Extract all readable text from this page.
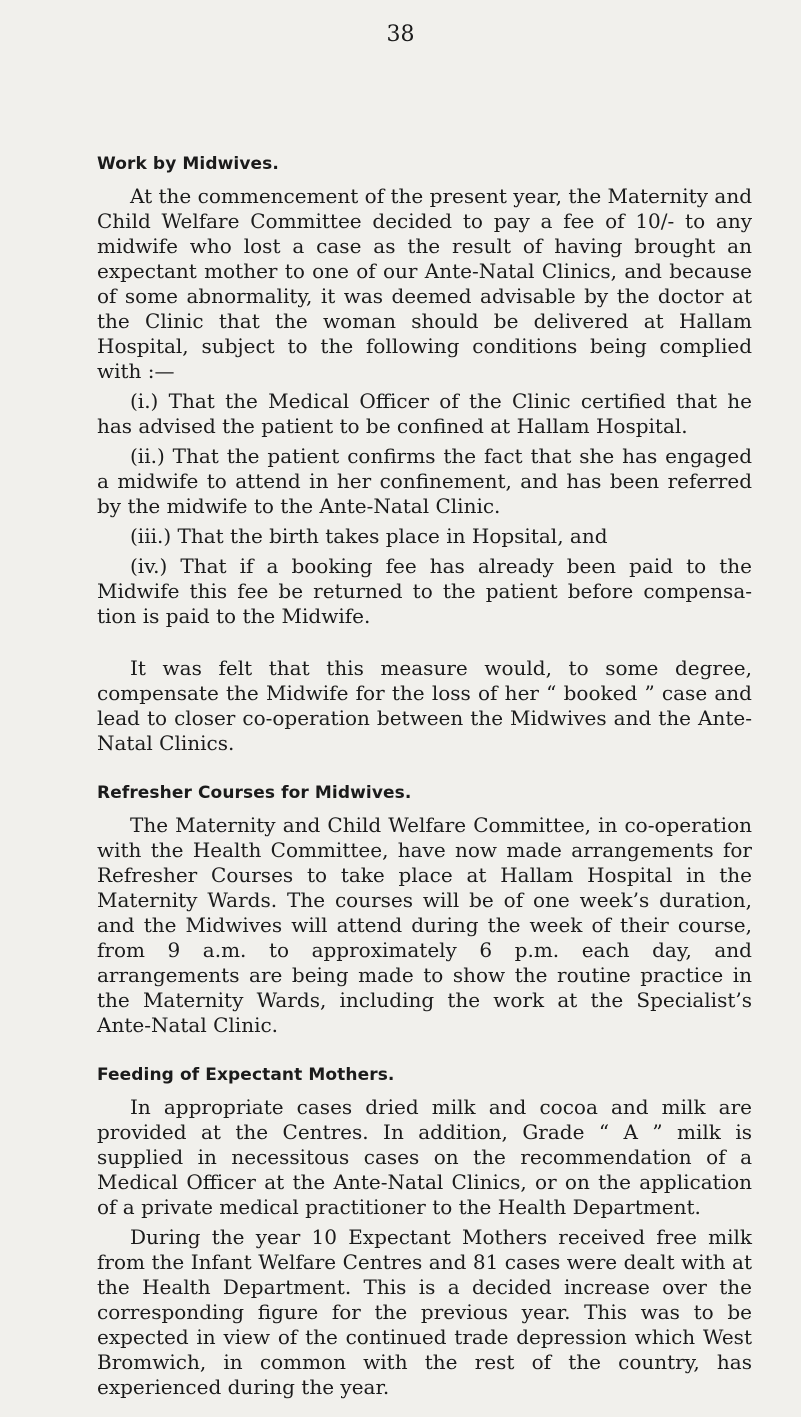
38
Work by Midwives.

At the commencement of the present year, the Maternity and Child Welfare Committee decided to pay a fee of 10/- to any midwife who lost a case as the result of having brought an expectant mother to one of our Ante-Natal Clinics, and because of some abnormality, it was deemed advisable by the doctor at the Clinic that the woman should be delivered at Hallam Hospital, subject to the following conditions being complied with :—

(i.) That the Medical Officer of the Clinic certified that he has advised the patient to be confined at Hallam Hospital.

(ii.) That the patient confirms the fact that she has engaged a midwife to attend in her confinement, and has been referred by the midwife to the Ante-Natal Clinic.

(iii.) That the birth takes place in Hopsital, and

(iv.) That if a booking fee has already been paid to the Midwife this fee be returned to the patient before compensa-tion is paid to the Midwife.

It was felt that this measure would, to some degree, compensate the Midwife for the loss of her “ booked ” case and lead to closer co-operation between the Midwives and the Ante-Natal Clinics.

Refresher Courses for Midwives.

The Maternity and Child Welfare Committee, in co-operation with the Health Committee, have now made arrangements for Refresher Courses to take place at Hallam Hospital in the Maternity Wards. The courses will be of one week’s duration, and the Midwives will attend during the week of their course, from 9 a.m. to approximately 6 p.m. each day, and arrangements are being made to show the routine practice in the Maternity Wards, including the work at the Specialist’s Ante-Natal Clinic.

Feeding of Expectant Mothers.

In appropriate cases dried milk and cocoa and milk are provided at the Centres. In addition, Grade “ A ” milk is supplied in necessitous cases on the recommendation of a Medical Officer at the Ante-Natal Clinics, or on the application of a private medical practitioner to the Health Department.

During the year 10 Expectant Mothers received free milk from the Infant Welfare Centres and 81 cases were dealt with at the Health Department. This is a decided increase over the corresponding figure for the previous year. This was to be expected in view of the continued trade depression which West Bromwich, in common with the rest of the country, has experienced during the year.
